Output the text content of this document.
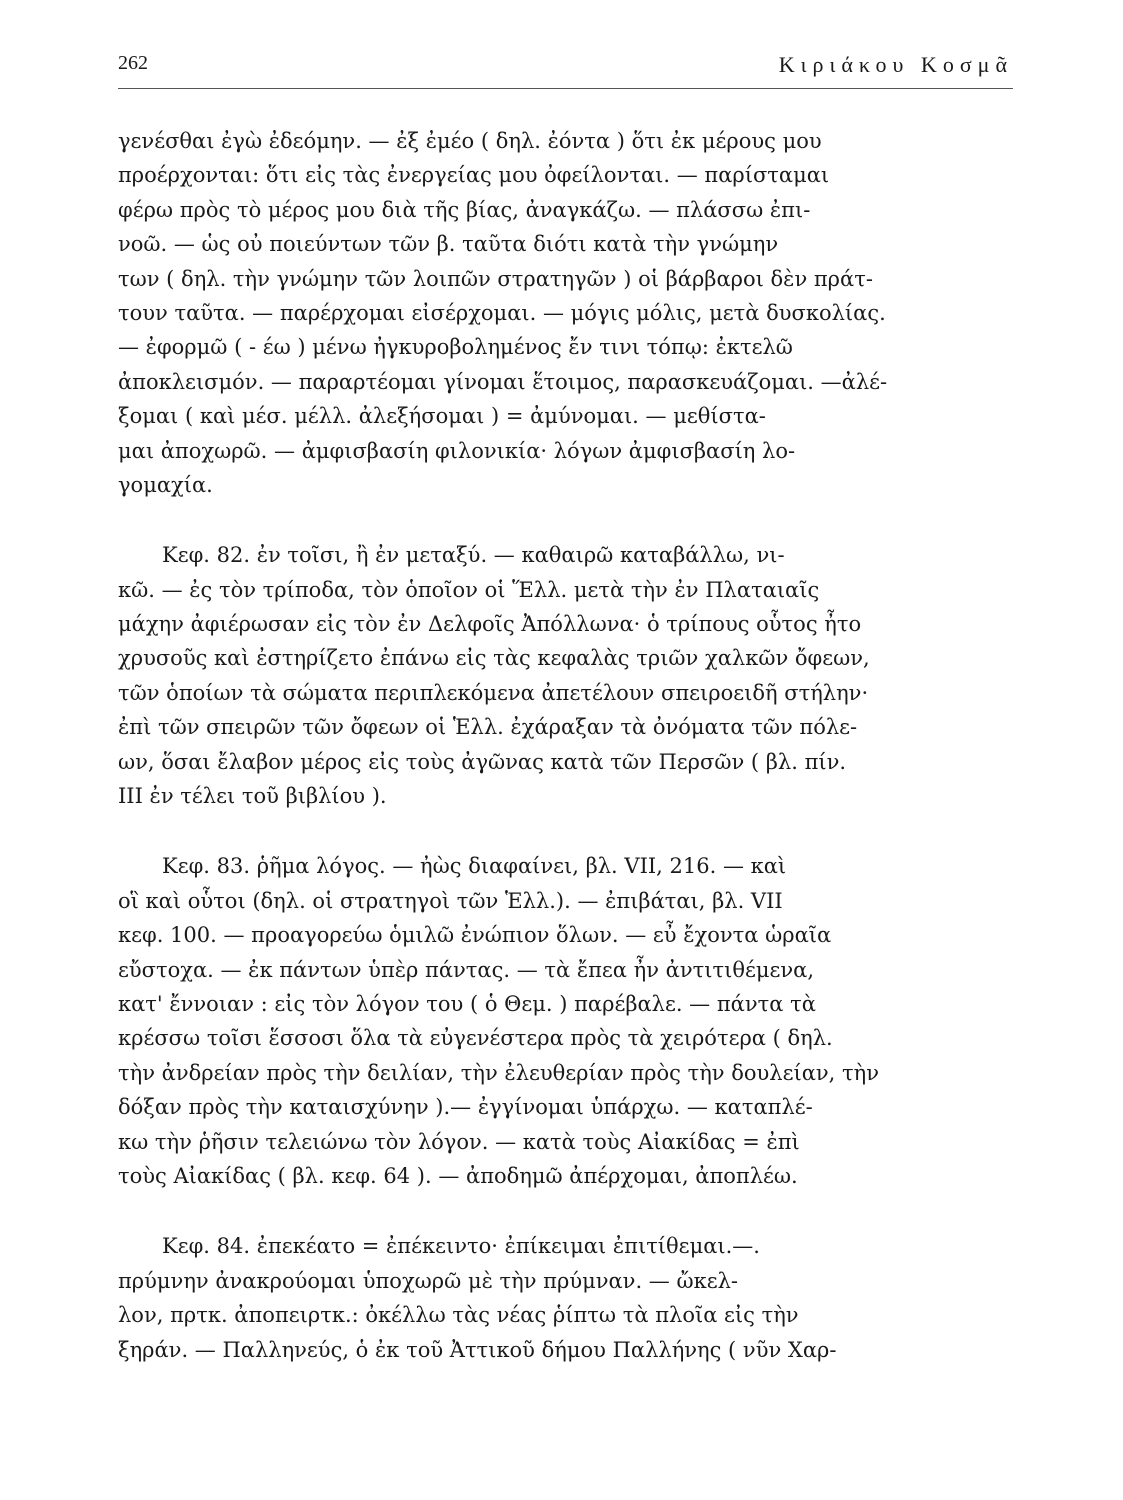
262	Κιριάκου Κοσμᾶ
γενέσθαι ἐγὼ ἐδεόμην. — ἐξ ἐμέο ( δηλ. ἐόντα ) ὅτι ἐκ μέρους μου
προέρχονται: ὅτι εἰς τὰς ἐνεργείας μου ὀφείλονται. — παρίσταμαι
φέρω πρὸς τὸ μέρος μου διὰ τῆς βίας, ἀναγκάζω. — πλάσσω ἐπι-
νοῶ. — ὡς οὐ ποιεύντων τῶν β. ταῦτα διότι κατὰ τὴν γνώμην
των ( δηλ. τὴν γνώμην τῶν λοιπῶν στρατηγῶν ) οἱ βάρβαροι δὲν πράτ-
τουν ταῦτα. — παρέρχομαι εἰσέρχομαι. — μόγις μόλις, μετὰ δυσκολίας.
— ἐφορμῶ ( - έω ) μένω ἠγκυροβολημένος ἔν τινι τόπῳ: ἐκτελῶ
ἀποκλεισμόν. — παραρτέομαι γίνομαι ἕτοιμος, παρασκευάζομαι. —ἀλέ-
ξομαι ( καὶ μέσ. μέλλ. ἀλεξήσομαι ) = ἀμύνομαι. — μεθίστα-
μαι ἀποχωρῶ. — ἀμφισβασίη φιλονικία· λόγων ἀμφισβασίη λο-
γομαχία.
Κεφ. 82. ἐν τοῖσι, ἢ ἐν μεταξύ. — καθαιρῶ καταβάλλω, νι-
κῶ. — ἐς τὸν τρίποδα, τὸν ὁποῖον οἱ Ἕλλ. μετὰ τὴν ἐν Πλαταιαῖς
μάχην ἀφιέρωσαν εἰς τὸν ἐν Δελφοῖς Ἀπόλλωνα· ὁ τρίπους οὗτος ἦτο
χρυσοῦς καὶ ἐστηρίζετο ἐπάνω εἰς τὰς κεφαλὰς τριῶν χαλκῶν ὄφεων,
τῶν ὁποίων τὰ σώματα περιπλεκόμενα ἀπετέλουν σπειροειδῆ στήλην·
ἐπὶ τῶν σπειρῶν τῶν ὄφεων οἱ Ἑλλ. ἐχάραξαν τὰ ὀνόματα τῶν πόλε-
ων, ὅσαι ἔλαβον μέρος εἰς τοὺς ἀγῶνας κατὰ τῶν Περσῶν ( βλ. πίν.
III ἐν τέλει τοῦ βιβλίου ).
Κεφ. 83. ῥῆμα λόγος. — ἠὼς διαφαίνει, βλ. VII, 216. — καὶ
οἳ καὶ οὗτοι (δηλ. οἱ στρατηγοὶ τῶν Ἑλλ.). — ἐπιβάται, βλ. VII
κεφ. 100. — προαγορεύω ὁμιλῶ ἐνώπιον ὅλων. — εὖ ἔχοντα ὡραῖα
εὔστοχα. — ἐκ πάντων ὑπὲρ πάντας. — τὰ ἔπεα ἦν ἀντιτιθέμενα,
κατ' ἔννοιαν : εἰς τὸν λόγον του ( ὁ Θεμ. ) παρέβαλε. — πάντα τὰ
κρέσσω τοῖσι ἕσσοσι ὅλα τὰ εὐγενέστερα πρὸς τὰ χειρότερα ( δηλ.
τὴν ἀνδρείαν πρὸς τὴν δειλίαν, τὴν ἐλευθερίαν πρὸς τὴν δουλείαν, τὴν
δόξαν πρὸς τὴν καταισχύνην ).— ἐγγίνομαι ὑπάρχω. — καταπλέ-
κω τὴν ῥῆσιν τελειώνω τὸν λόγον. — κατὰ τοὺς Αἰακίδας = ἐπὶ
τοὺς Αἰακίδας ( βλ. κεφ. 64 ). — ἀποδημῶ ἀπέρχομαι, ἀποπλέω.
Κεφ. 84. ἐπεκέατο = ἐπέκειντο· ἐπίκειμαι ἐπιτίθεμαι.—.
πρύμνην ἀνακρούομαι ὑποχωρῶ μὲ τὴν πρύμναν. — ὤκελ-
λον, πρτκ. ἀποπειρτκ.: ὀκέλλω τὰς νέας ῥίπτω τὰ πλοῖα εἰς τὴν
ξηράν. — Παλληνεύς, ὁ ἐκ τοῦ Ἀττικοῦ δήμου Παλλήνης ( νῦν Χαρ-
